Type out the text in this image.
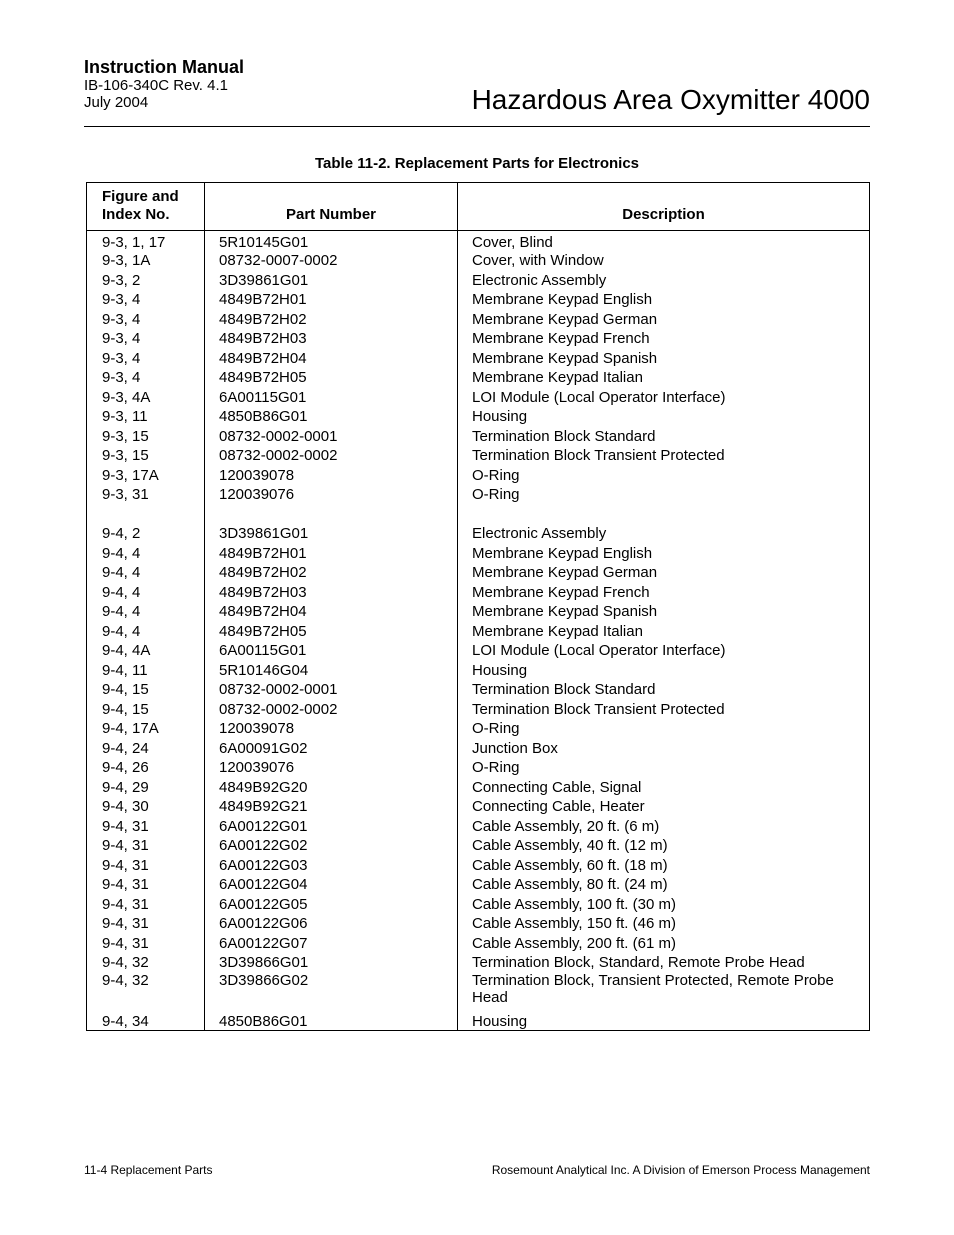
Instruction Manual
IB-106-340C Rev. 4.1
July 2004	Hazardous Area Oxymitter 4000
Table 11-2. Replacement Parts for Electronics
Figure and
Index No.	Part Number	Description
9-3, 1, 17	5R10145G01	Cover, Blind
9-3, 1A	08732-0007-0002	Cover, with Window
9-3, 2	3D39861G01	Electronic Assembly
9-3, 4	4849B72H01	Membrane Keypad English
9-3, 4	4849B72H02	Membrane Keypad German
9-3, 4	4849B72H03	Membrane Keypad French
9-3, 4	4849B72H04	Membrane Keypad Spanish
9-3, 4	4849B72H05	Membrane Keypad Italian
9-3, 4A	6A00115G01	LOI Module (Local Operator Interface)
9-3, 11	4850B86G01	Housing
9-3, 15	08732-0002-0001	Termination Block Standard
9-3, 15	08732-0002-0002	Termination Block Transient Protected
9-3, 17A	120039078	O-Ring
9-3, 31	120039076	O-Ring
9-4, 2	3D39861G01	Electronic Assembly
9-4, 4	4849B72H01	Membrane Keypad English
9-4, 4	4849B72H02	Membrane Keypad German
9-4, 4	4849B72H03	Membrane Keypad French
9-4, 4	4849B72H04	Membrane Keypad Spanish
9-4, 4	4849B72H05	Membrane Keypad Italian
9-4, 4A	6A00115G01	LOI Module (Local Operator Interface)
9-4, 11	5R10146G04	Housing
9-4, 15	08732-0002-0001	Termination Block Standard
9-4, 15	08732-0002-0002	Termination Block Transient Protected
9-4, 17A	120039078	O-Ring
9-4, 24	6A00091G02	Junction Box
9-4, 26	120039076	O-Ring
9-4, 29	4849B92G20	Connecting Cable, Signal
9-4, 30	4849B92G21	Connecting Cable, Heater
9-4, 31	6A00122G01	Cable Assembly, 20 ft. (6 m)
9-4, 31	6A00122G02	Cable Assembly, 40 ft. (12 m)
9-4, 31	6A00122G03	Cable Assembly, 60 ft. (18 m)
9-4, 31	6A00122G04	Cable Assembly, 80 ft. (24 m)
9-4, 31	6A00122G05	Cable Assembly, 100 ft. (30 m)
9-4, 31	6A00122G06	Cable Assembly, 150 ft. (46 m)
9-4, 31	6A00122G07	Cable Assembly, 200 ft. (61 m)
9-4, 32	3D39866G01	Termination Block, Standard, Remote Probe Head
9-4, 32	3D39866G02	Termination Block, Transient Protected, Remote Probe Head
9-4, 34	4850B86G01	Housing
11-4 Replacement Parts	Rosemount Analytical Inc. A Division of Emerson Process Management
